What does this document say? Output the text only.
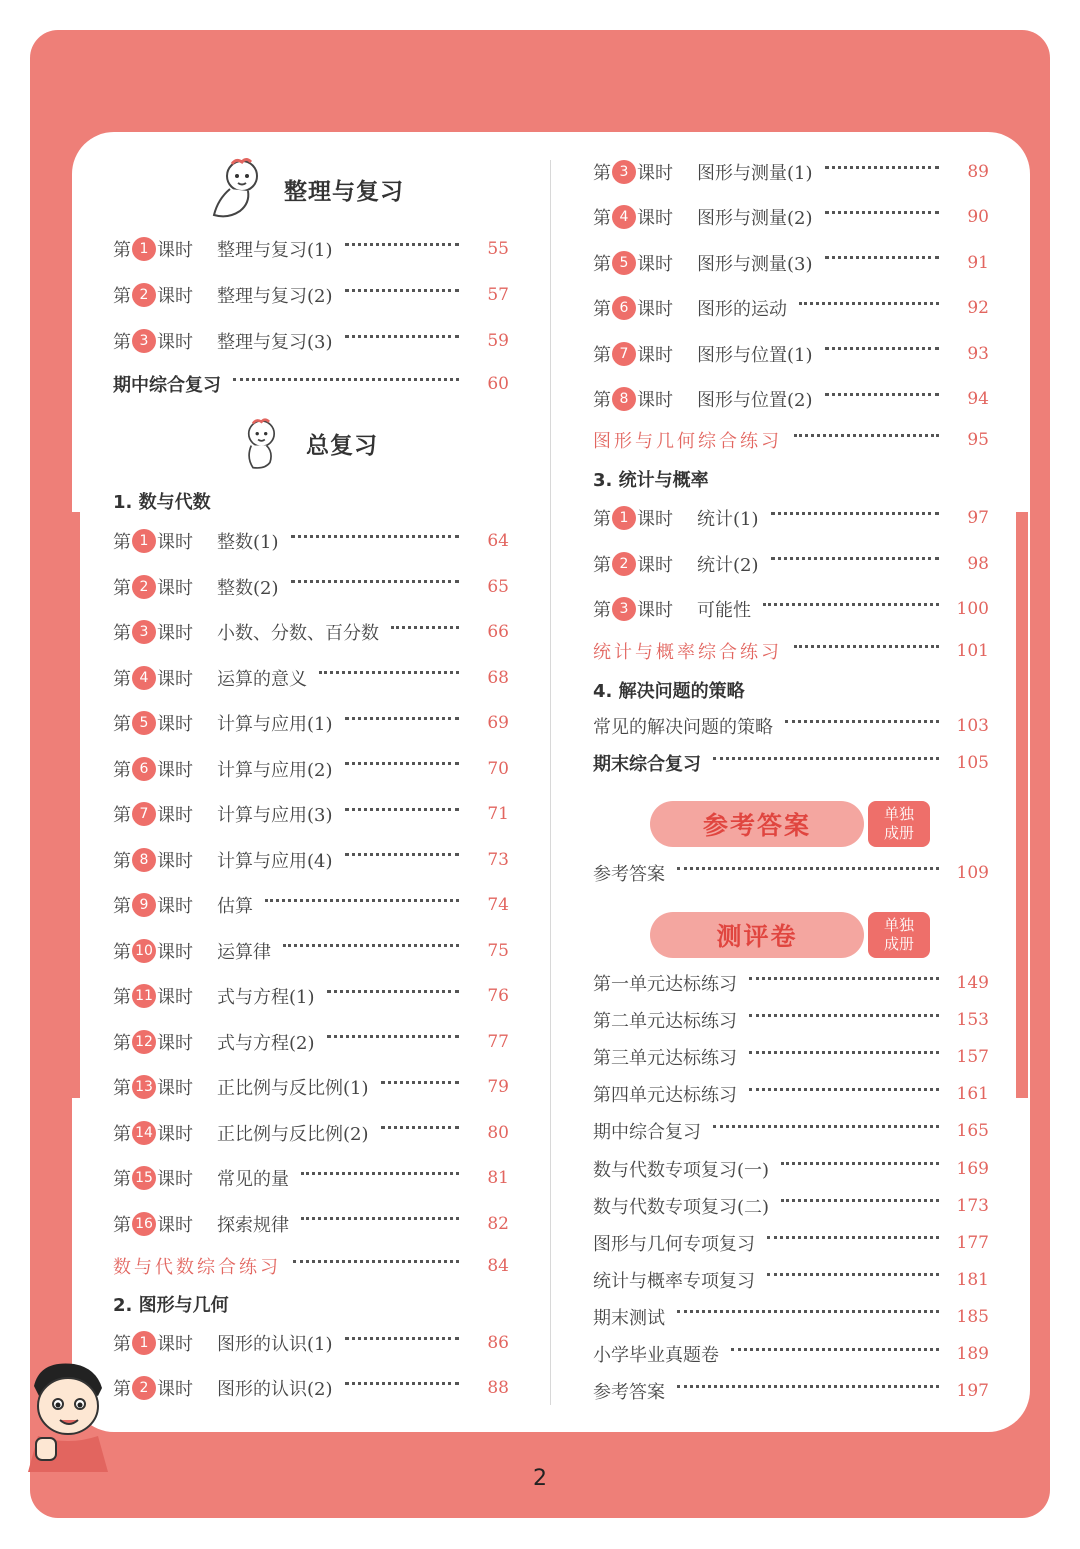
整理与复习
第 1 课时 整理与复习(1)	55
第 2 课时 整理与复习(2)	57
第 3 课时 整理与复习(3)	59
期中综合复习	60
总复习
1. 数与代数
第 1 课时 整数(1)	64
第 2 课时 整数(2)	65
第 3 课时 小数、分数、百分数	66
第 4 课时 运算的意义	68
第 5 课时 计算与应用(1)	69
第 6 课时 计算与应用(2)	70
第 7 课时 计算与应用(3)	71
第 8 课时 计算与应用(4)	73
第 9 课时 估算	74
第 10 课时 运算律	75
第 11 课时 式与方程(1)	76
第 12 课时 式与方程(2)	77
第 13 课时 正比例与反比例(1)	79
第 14 课时 正比例与反比例(2)	80
第 15 课时 常见的量	81
第 16 课时 探索规律	82
数与代数综合练习	84
2. 图形与几何
第 1 课时 图形的认识(1)	86
第 2 课时 图形的认识(2)	88
第 3 课时 图形与测量(1)	89
第 4 课时 图形与测量(2)	90
第 5 课时 图形与测量(3)	91
第 6 课时 图形的运动	92
第 7 课时 图形与位置(1)	93
第 8 课时 图形与位置(2)	94
图形与几何综合练习	95
3. 统计与概率
第 1 课时 统计(1)	97
第 2 课时 统计(2)	98
第 3 课时 可能性	100
统计与概率综合练习	101
4. 解决问题的策略
常见的解决问题的策略	103
期末综合复习	105
参考答案	单独
成册
参考答案	109
测评卷	单独
成册
第一单元达标练习	149
第二单元达标练习	153
第三单元达标练习	157
第四单元达标练习	161
期中综合复习	165
数与代数专项复习(一)	169
数与代数专项复习(二)	173
图形与几何专项复习	177
统计与概率专项复习	181
期末测试	185
小学毕业真题卷	189
参考答案	197
2
